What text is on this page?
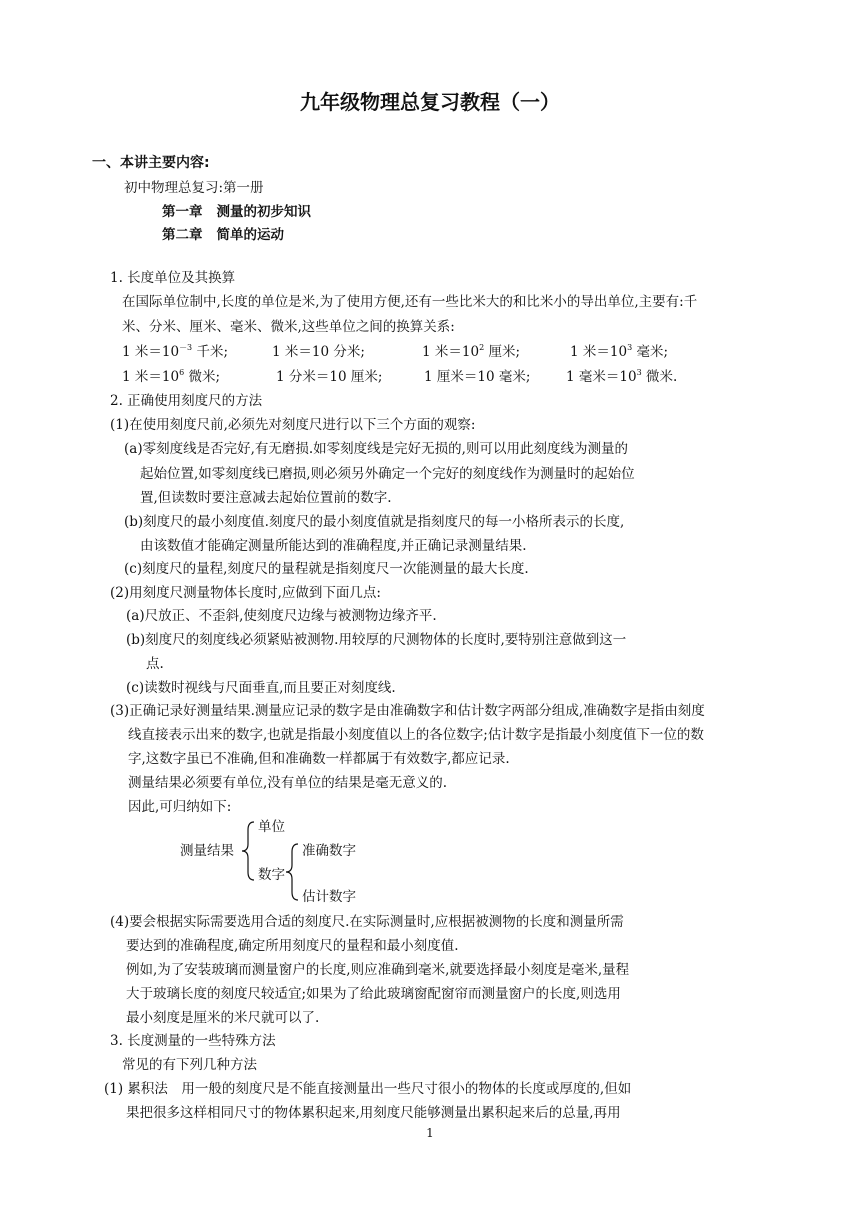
九年级物理总复习教程（一）
一、本讲主要内容:
初中物理总复习:第一册
第一章 测量的初步知识
第二章 简单的运动
1. 长度单位及其换算
在国际单位制中,长度的单位是米,为了使用方便,还有一些比米大的和比米小的导出单位,主要有:千
米、分米、厘米、毫米、微米,这些单位之间的换算关系:
1 米$=10^{-3}$ 千米;	1 米＝10 分米;	1 米$=10^2$ 厘米;	1 米$=10^3$ 毫米;
1 米$=10^6$ 微米;	1 分米＝10 厘米;	1 厘米＝10 毫米;	1 毫米$=10^3$ 微米.
2. 正确使用刻度尺的方法
(1)在使用刻度尺前,必须先对刻度尺进行以下三个方面的观察:
(a)零刻度线是否完好,有无磨损.如零刻度线是完好无损的,则可以用此刻度线为测量的
起始位置,如零刻度线已磨损,则必须另外确定一个完好的刻度线作为测量时的起始位
置,但读数时要注意减去起始位置前的数字.
(b)刻度尺的最小刻度值.刻度尺的最小刻度值就是指刻度尺的每一小格所表示的长度,
由该数值才能确定测量所能达到的准确程度,并正确记录测量结果.
(c)刻度尺的量程,刻度尺的量程就是指刻度尺一次能测量的最大长度.
(2)用刻度尺测量物体长度时,应做到下面几点:
(a)尺放正、不歪斜,使刻度尺边缘与被测物边缘齐平.
(b)刻度尺的刻度线必须紧贴被测物.用较厚的尺测物体的长度时,要特别注意做到这一
点.
(c)读数时视线与尺面垂直,而且要正对刻度线.
(3)正确记录好测量结果.测量应记录的数字是由准确数字和估计数字两部分组成,准确数字是指由刻度
线直接表示出来的数字,也就是指最小刻度值以上的各位数字;估计数字是指最小刻度值下一位的数
字,这数字虽已不准确,但和准确数一样都属于有效数字,都应记录.
测量结果必须要有单位,没有单位的结果是毫无意义的.
因此,可归纳如下:
测量结果
单位
数字
准确数字
估计数字
(4)要会根据实际需要选用合适的刻度尺.在实际测量时,应根据被测物的长度和测量所需
要达到的准确程度,确定所用刻度尺的量程和最小刻度值.
例如,为了安装玻璃而测量窗户的长度,则应准确到毫米,就要选择最小刻度是毫米,量程
大于玻璃长度的刻度尺较适宜;如果为了给此玻璃窗配窗帘而测量窗户的长度,则选用
最小刻度是厘米的米尺就可以了.
3. 长度测量的一些特殊方法
常见的有下列几种方法
(1) 累积法　用一般的刻度尺是不能直接测量出一些尺寸很小的物体的长度或厚度的,但如
果把很多这样相同尺寸的物体累积起来,用刻度尺能够测量出累积起来后的总量,再用
1
